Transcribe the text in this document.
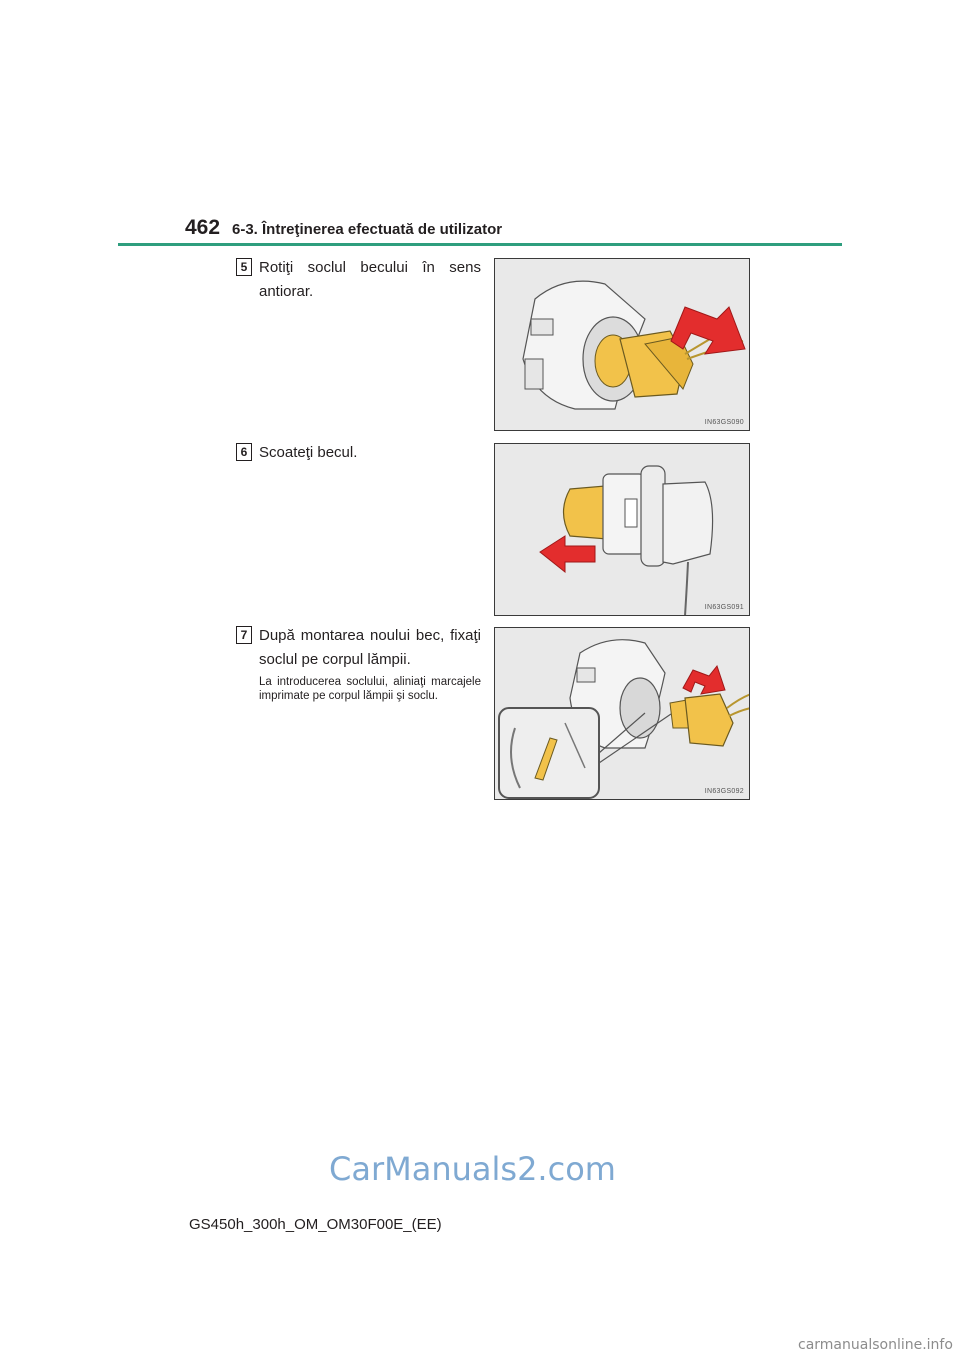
462 6-3. Întreţinerea efectuată de utilizator
5 Rotiţi soclul becului în sens antiorar.
IN63GS090
6 Scoateţi becul.
IN63GS091
7 După montarea noului bec, fixaţi soclul pe corpul lămpii.
La introducerea soclului, aliniaţi marcajele imprimate pe corpul lămpii şi soclu.
IN63GS092
CarManuals2.com
GS450h_300h_OM_OM30F00E_(EE)
carmanualsonline.info
